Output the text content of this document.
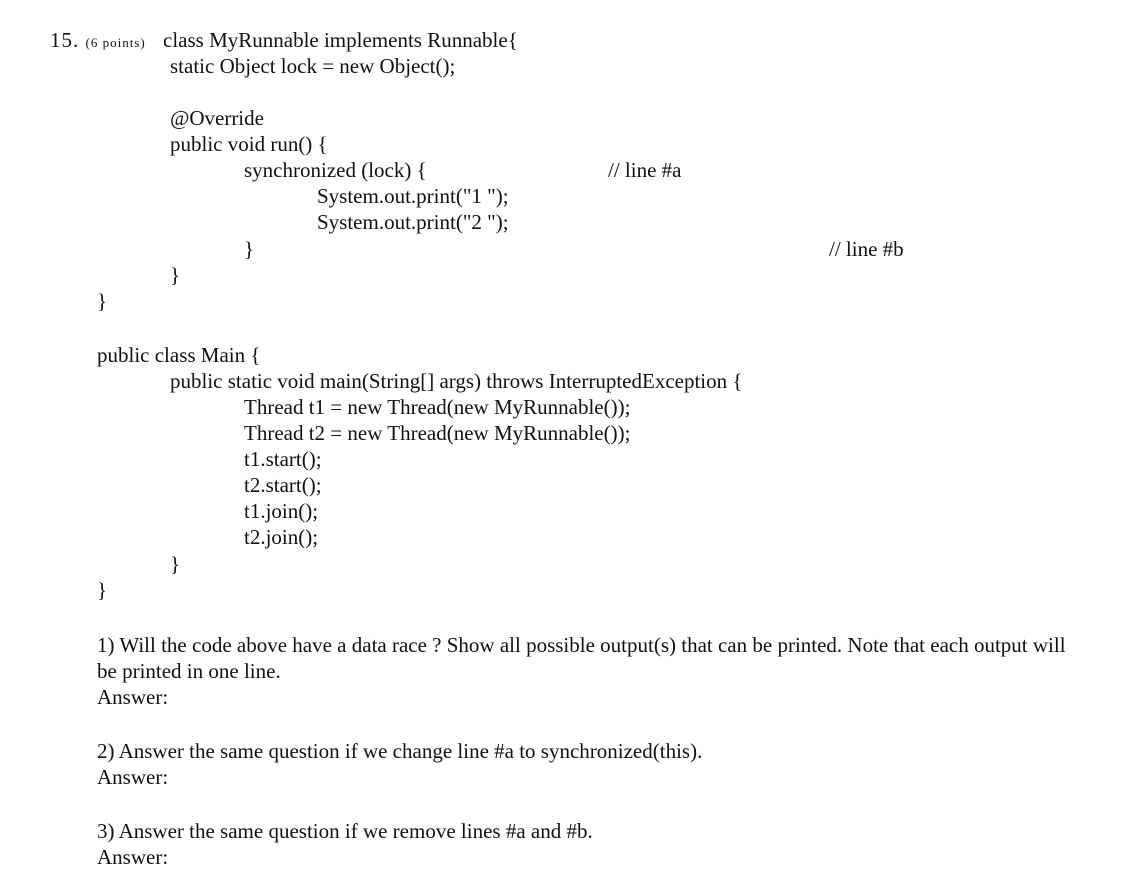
15. (6 points) class MyRunnable implements Runnable{
static Object lock = new Object();
@Override
public void run() {
synchronized (lock) {	// line #a
System.out.print("1 ");
System.out.print("2 ");
}	// line #b
}
}
public class Main {
public static void main(String[] args) throws InterruptedException {
Thread t1 = new Thread(new MyRunnable());
Thread t2 = new Thread(new MyRunnable());
t1.start();
t2.start();
t1.join();
t2.join();
}
}
1) Will the code above have a data race ? Show all possible output(s) that can be printed. Note that each output will be printed in one line.
Answer:
2) Answer the same question if we change line #a to synchronized(this).
Answer:
3) Answer the same question if we remove lines #a and #b.
Answer:
